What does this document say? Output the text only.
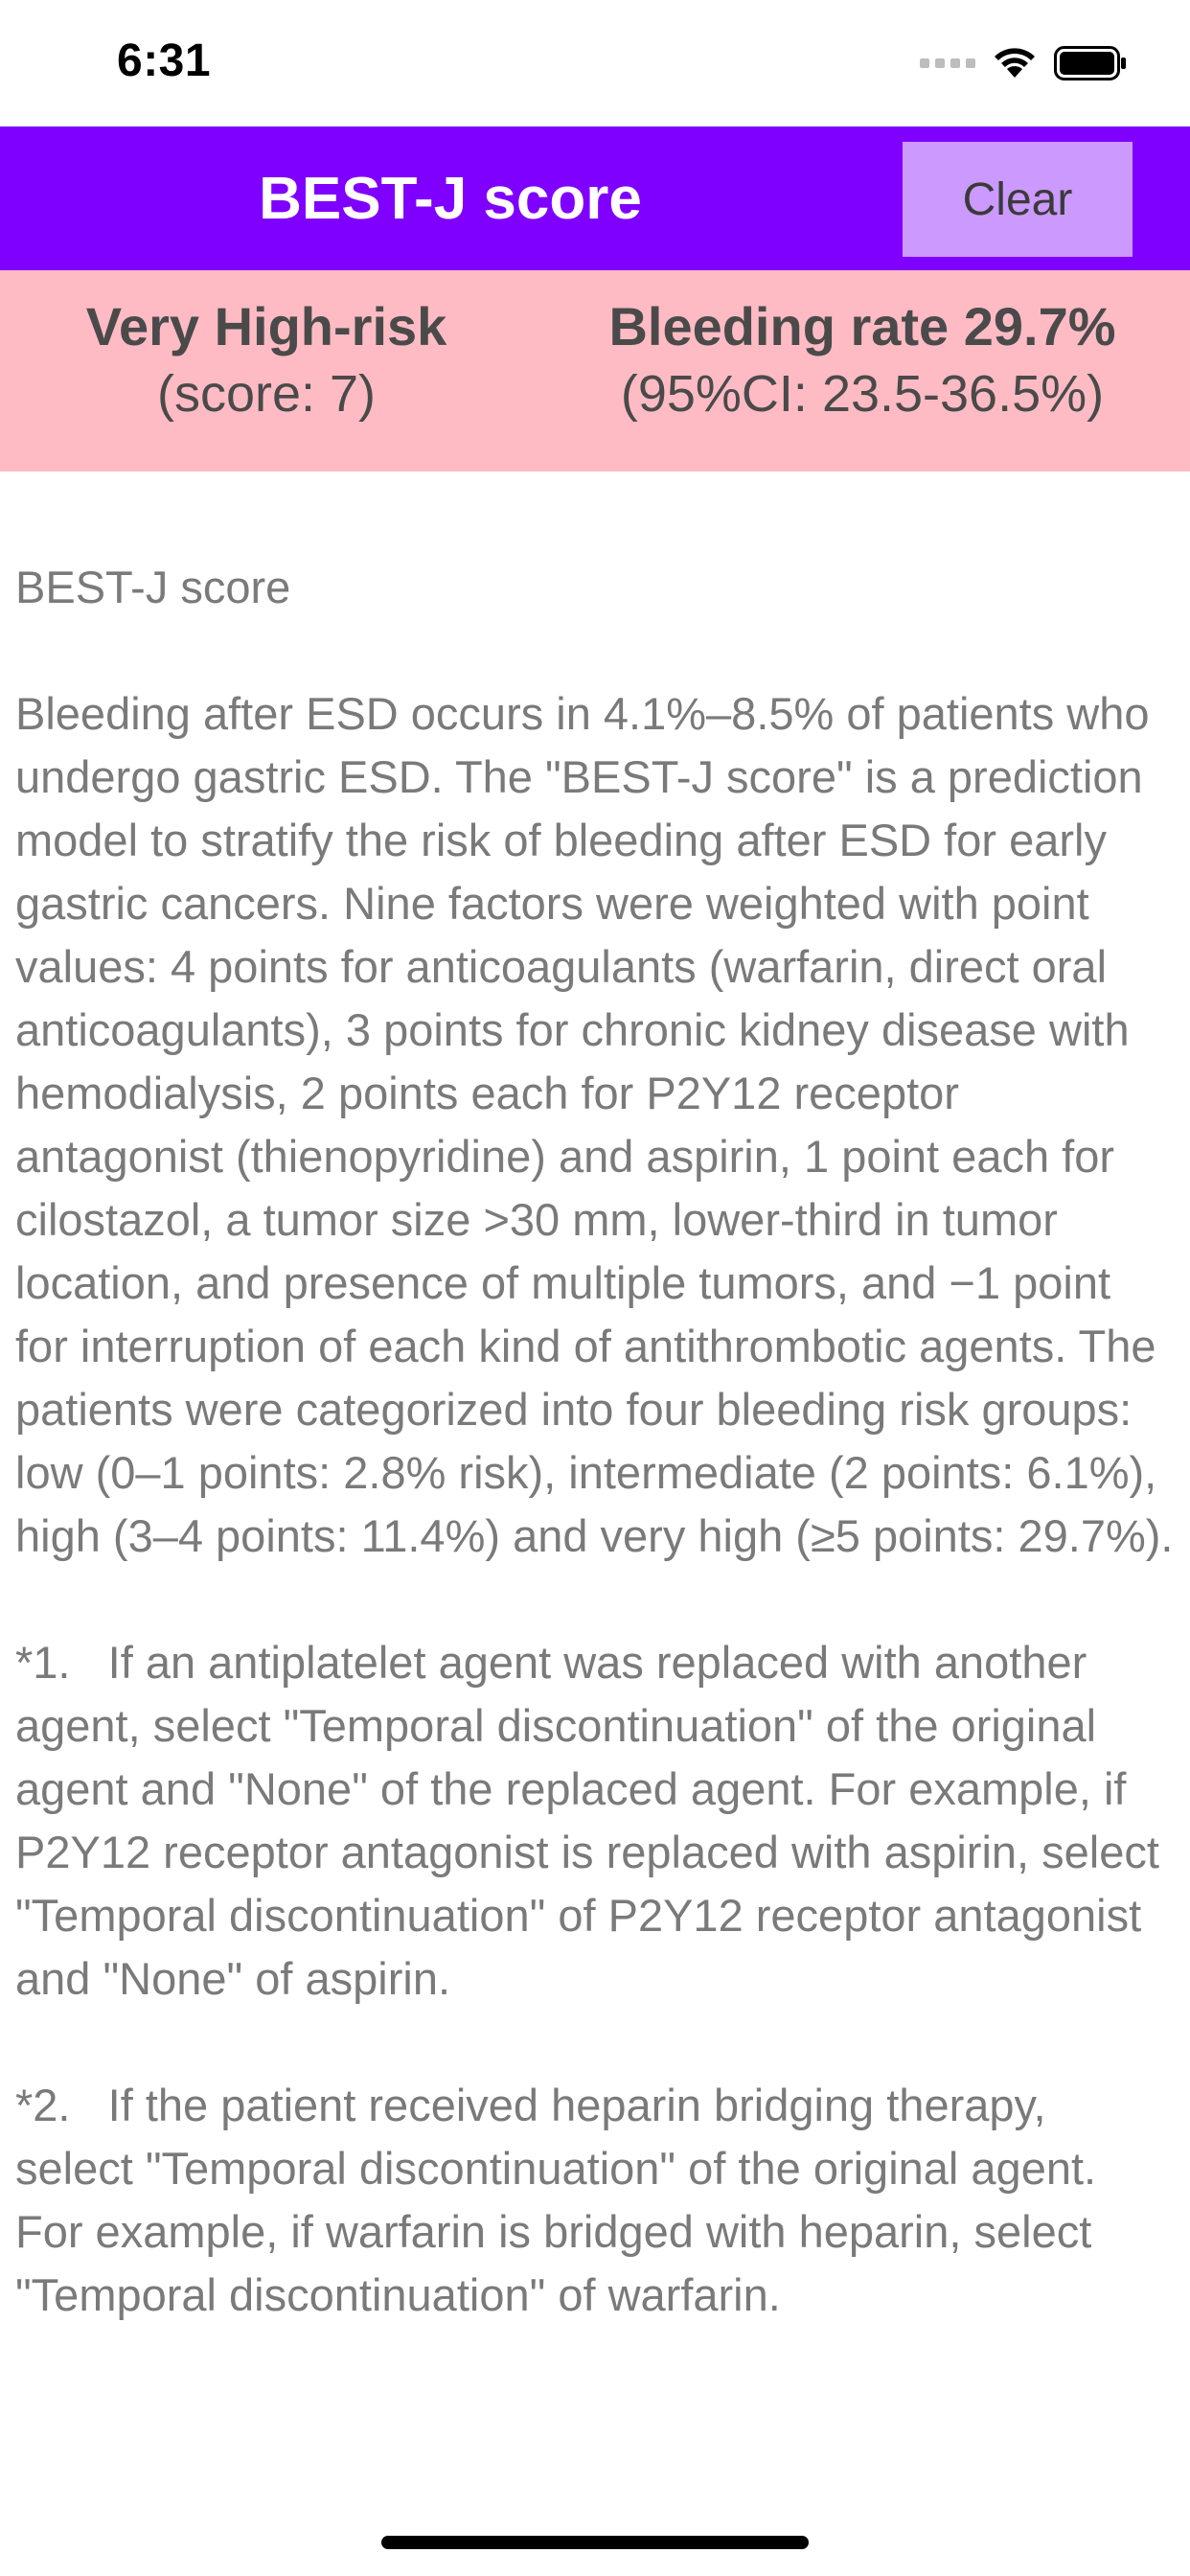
6:31
BEST-J score	Clear
Very High-risk
(score: 7)
Bleeding rate 29.7%
(95%CI: 23.5-36.5%)

BEST-J score

Bleeding after ESD occurs in 4.1%–8.5% of patients who undergo gastric ESD. The "BEST-J score" is a prediction model to stratify the risk of bleeding after ESD for early gastric cancers. Nine factors were weighted with point values: 4 points for anticoagulants (warfarin, direct oral anticoagulants), 3 points for chronic kidney disease with hemodialysis, 2 points each for P2Y12 receptor antagonist (thienopyridine) and aspirin, 1 point each for cilostazol, a tumor size >30 mm, lower-third in tumor location, and presence of multiple tumors, and −1 point for interruption of each kind of antithrombotic agents. The patients were categorized into four bleeding risk groups: low (0–1 points: 2.8% risk), intermediate (2 points: 6.1%), high (3–4 points: 11.4%) and very high (≥5 points: 29.7%).

*1.   If an antiplatelet agent was replaced with another agent, select "Temporal discontinuation" of the original agent and "None" of the replaced agent. For example, if P2Y12 receptor antagonist is replaced with aspirin, select "Temporal discontinuation" of P2Y12 receptor antagonist and "None" of aspirin.

*2.   If the patient received heparin bridging therapy, select "Temporal discontinuation" of the original agent. For example, if warfarin is bridged with heparin, select "Temporal discontinuation" of warfarin.
